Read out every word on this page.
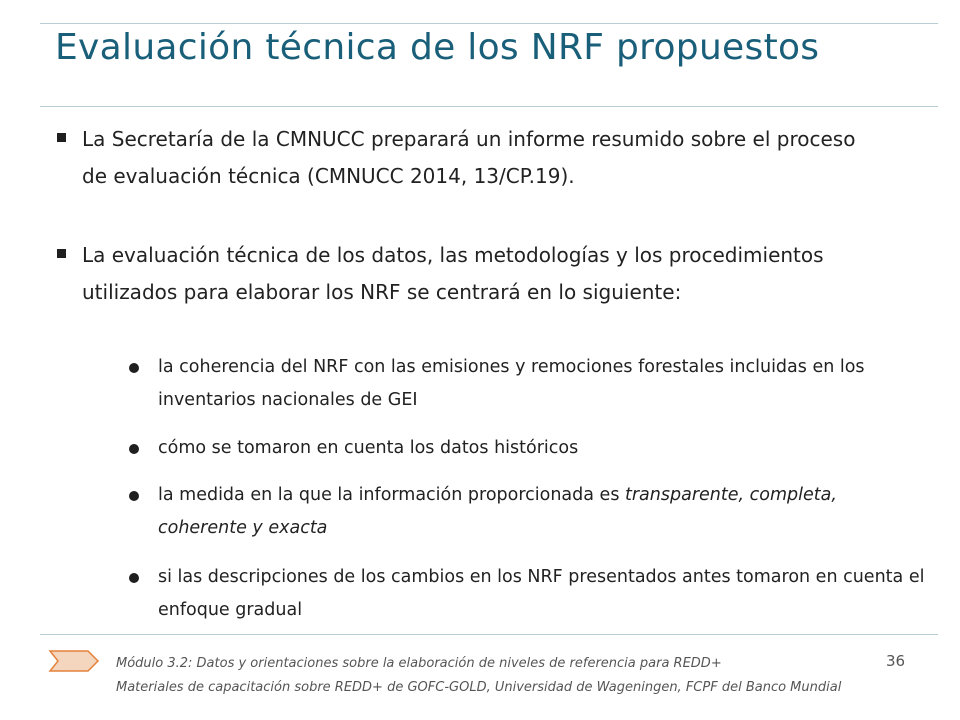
Evaluación técnica de los NRF propuestos
La Secretaría de la CMNUCC preparará un informe resumido sobre el proceso de evaluación técnica (CMNUCC 2014, 13/CP.19).
La evaluación técnica de los datos, las metodologías y los procedimientos utilizados para elaborar los NRF se centrará en lo siguiente:
la coherencia del NRF con las emisiones y remociones forestales incluidas en los inventarios nacionales de GEI
cómo se tomaron en cuenta los datos históricos
la medida en la que la información proporcionada es transparente, completa, coherente y exacta
si las descripciones de los cambios en los NRF presentados antes tomaron en cuenta el enfoque gradual
Módulo 3.2: Datos y orientaciones sobre la elaboración de niveles de referencia para REDD+
Materiales de capacitación sobre REDD+ de GOFC-GOLD, Universidad de Wageningen, FCPF del Banco Mundial
36
